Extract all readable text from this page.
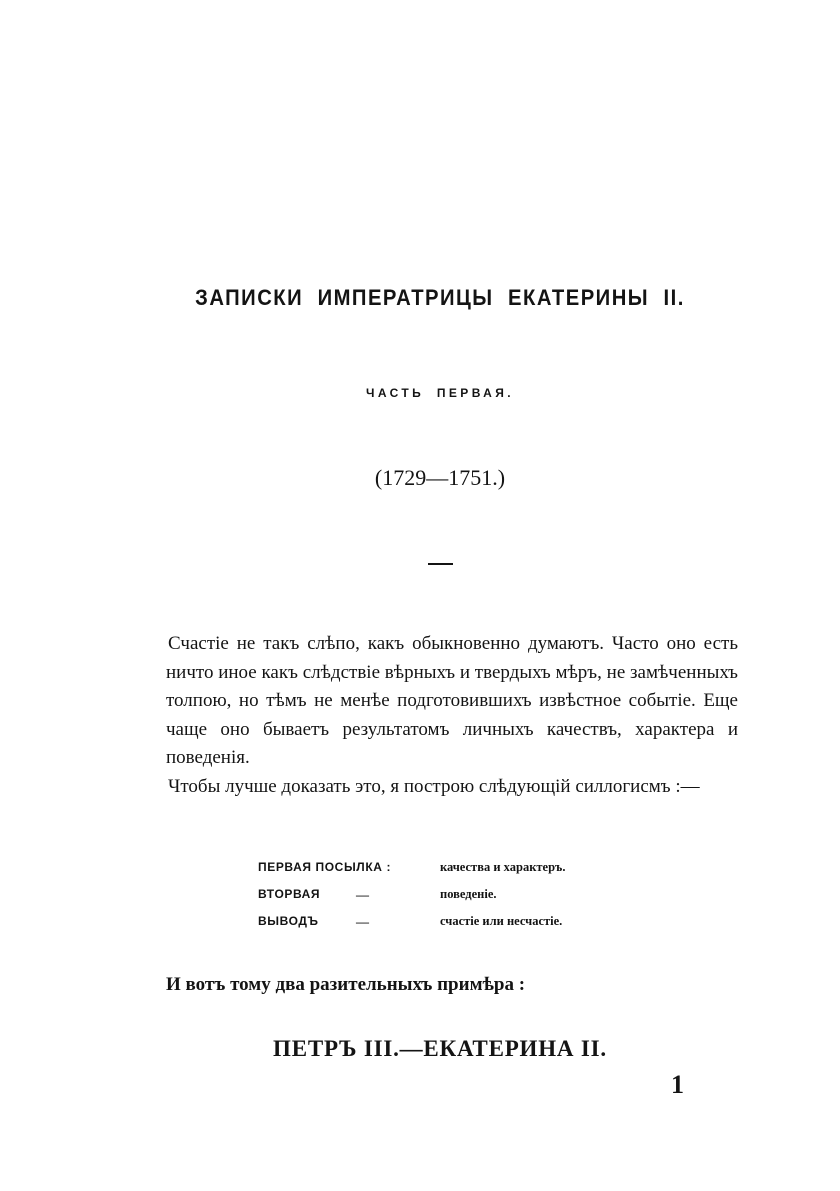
ЗАПИСКИ ИМПЕРАТРИЦЫ ЕКАТЕРИНЫ II.
ЧАСТЬ ПЕРВАЯ.
(1729—1751.)

Счастіе не такъ слѣпо, какъ обыкновенно думаютъ. Часто оно есть ничто иное какъ слѣдствіе вѣрныхъ и твердыхъ мѣръ, не замѣченныхъ толпою, но тѣмъ не менѣе подготовившихъ извѣстное событіе. Еще чаще оно бываетъ результатомъ личныхъ качествъ, характера и поведенія.

Чтобы лучше доказать это, я построю слѣдующій силлогисмъ :—

ПЕРВАЯ ПОСЫЛКА :	качества и характеръ.
ВТОРВАЯ	—	поведеніе.
ВЫВОДЪ	—	счастіе или несчастіе.
И вотъ тому два разительныхъ примѣра :
ПЕТРЪ III.—ЕКАТЕРИНА II.
1
